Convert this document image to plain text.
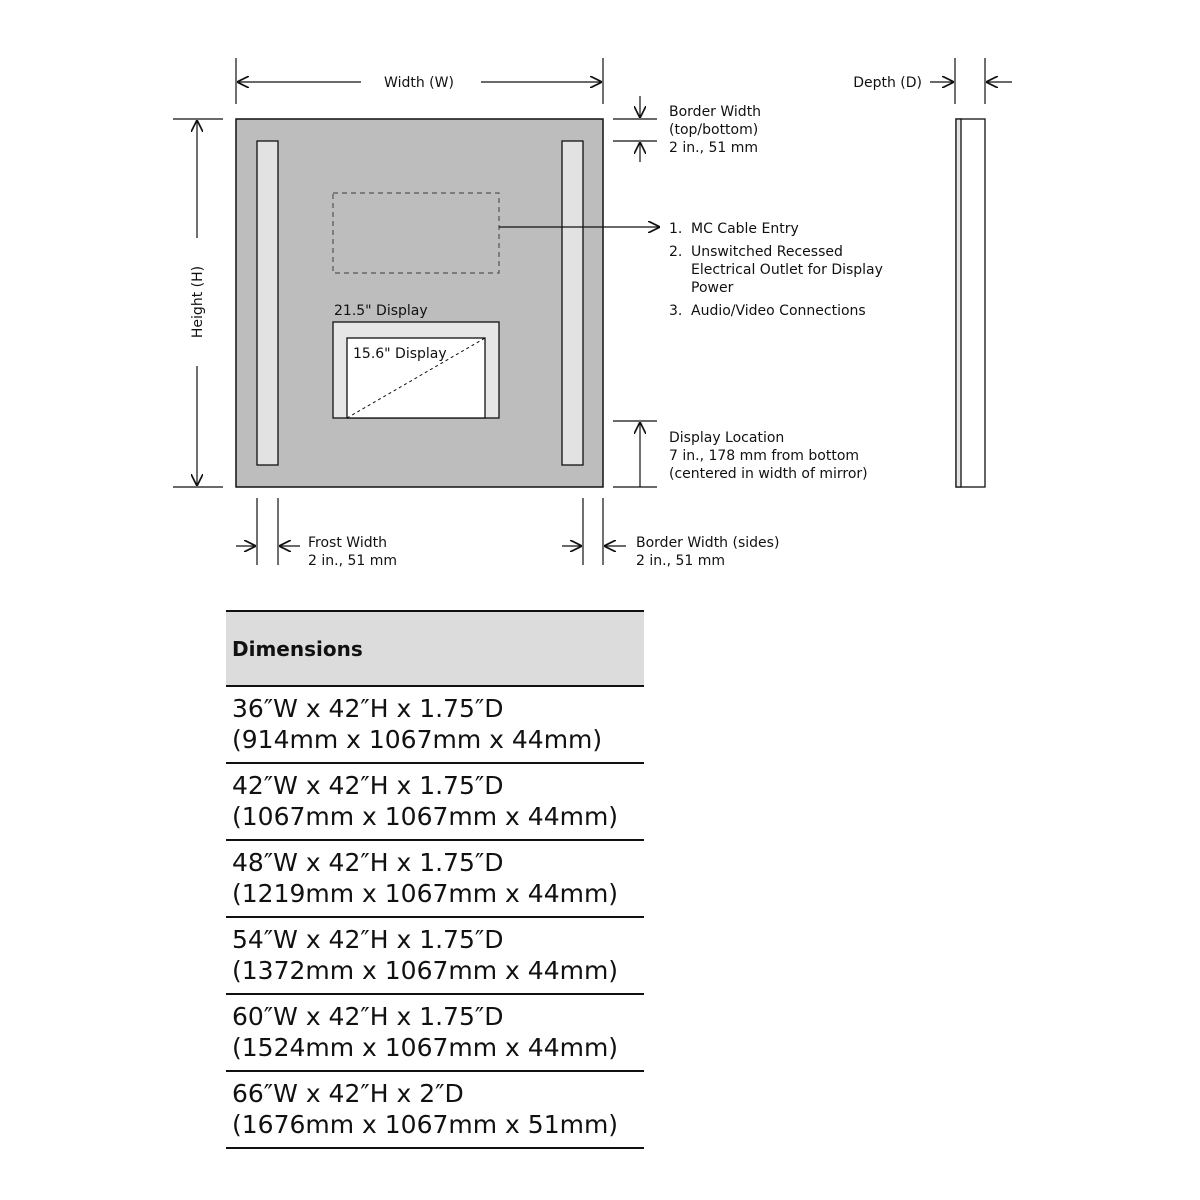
21.5" Display
15.6" Display
Width (W)	Depth (D)
Height (H)
Border Width
(top/bottom)
2 in., 51 mm
1. MC Cable Entry
2. Unswitched Recessed
Electrical Outlet for Display
Power
3. Audio/Video Connections
Display Location
7 in., 178 mm from bottom
(centered in width of mirror)
Frost Width
2 in., 51 mm
Border Width (sides)
2 in., 51 mm
Dimensions
36″W x 42″H x 1.75″D
(914mm x 1067mm x 44mm)
42″W x 42″H x 1.75″D
(1067mm x 1067mm x 44mm)
48″W x 42″H x 1.75″D
(1219mm x 1067mm x 44mm)
54″W x 42″H x 1.75″D
(1372mm x 1067mm x 44mm)
60″W x 42″H x 1.75″D
(1524mm x 1067mm x 44mm)
66″W x 42″H x 2″D
(1676mm x 1067mm x 51mm)
